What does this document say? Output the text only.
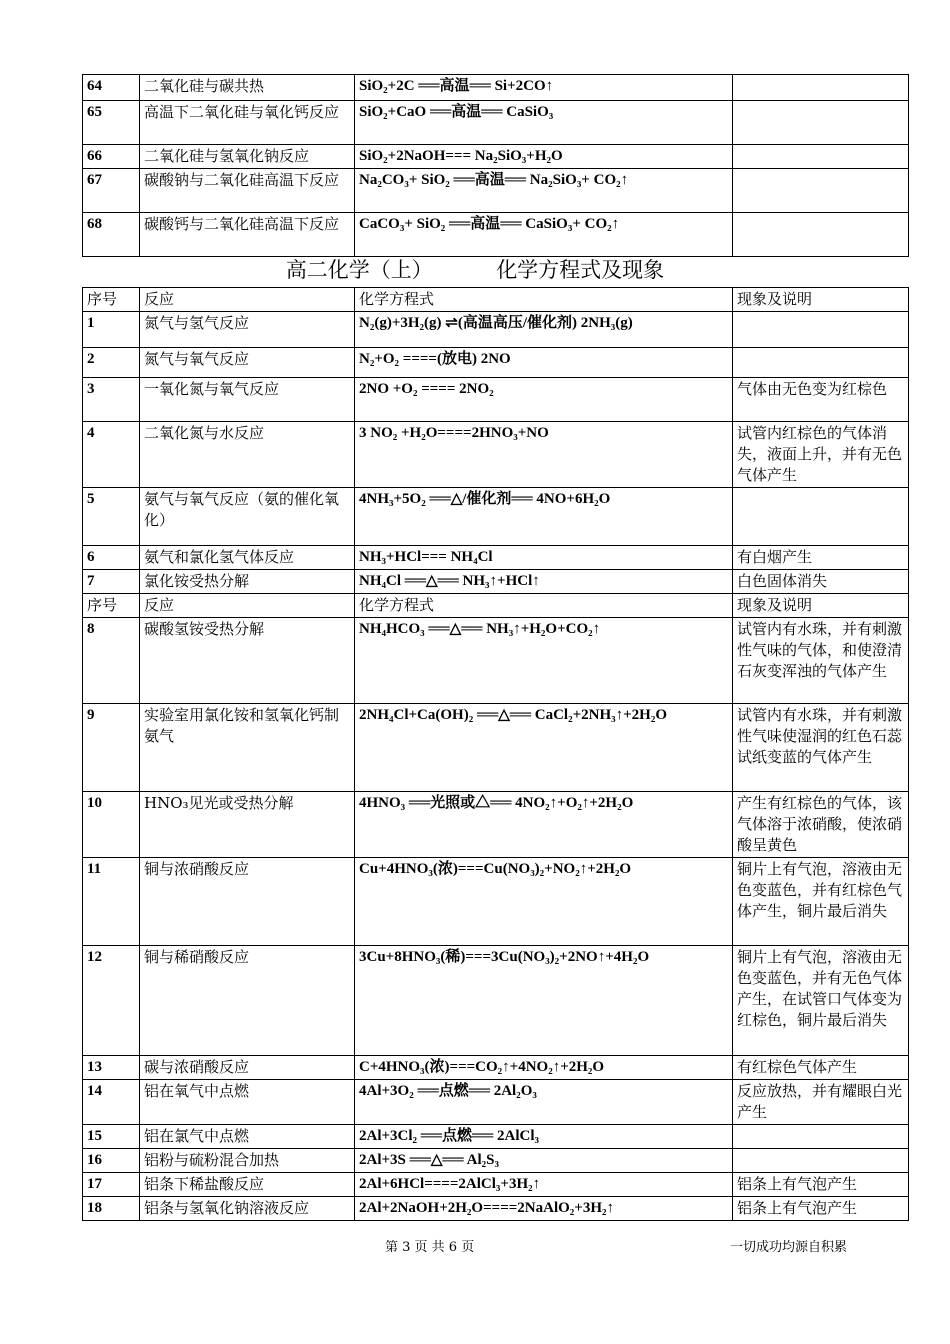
64	二氧化硅与碳共热	SiO₂+2C ══高温══ Si+2CO↑	
65	高温下二氧化硅与氧化钙反应	SiO₂+CaO ══高温══ CaSiO₃	
66	二氧化硅与氢氧化钠反应	SiO₂+2NaOH=== Na₂SiO₃+H₂O	
67	碳酸钠与二氧化硅高温下反应	Na₂CO₃+ SiO₂ ══高温══ Na₂SiO₃+ CO₂↑	
68	碳酸钙与二氧化硅高温下反应	CaCO₃+ SiO₂ ══高温══ CaSiO₃+ CO₂↑	
高二化学（上）	化学方程式及现象
序号	反应	化学方程式	现象及说明
1	氮气与氢气反应	N₂(g)+3H₂(g) ⇌(高温高压/催化剂) 2NH₃(g)	
2	氮气与氧气反应	N₂+O₂ ====(放电) 2NO	
3	一氧化氮与氧气反应	2NO +O₂ ==== 2NO₂	气体由无色变为红棕色
4	二氧化氮与水反应	3 NO₂ +H₂O====2HNO₃+NO	试管内红棕色的气体消失，液面上升，并有无色气体产生
5	氨气与氧气反应（氨的催化氧化）	4NH₃+5O₂ ══△/催化剂══ 4NO+6H₂O	
6	氨气和氯化氢气体反应	NH₃+HCl=== NH₄Cl	有白烟产生
7	氯化铵受热分解	NH₄Cl ══△══ NH₃↑+HCl↑	白色固体消失
序号	反应	化学方程式	现象及说明
8	碳酸氢铵受热分解	NH₄HCO₃ ══△══ NH₃↑+H₂O+CO₂↑	试管内有水珠，并有刺激性气味的气体，和使澄清石灰变浑浊的气体产生
9	实验室用氯化铵和氢氧化钙制氨气	2NH₄Cl+Ca(OH)₂ ══△══ CaCl₂+2NH₃↑+2H₂O	试管内有水珠，并有刺激性气味使湿润的红色石蕊试纸变蓝的气体产生
10	HNO₃见光或受热分解	4HNO₃ ══光照或△══ 4NO₂↑+O₂↑+2H₂O	产生有红棕色的气体，该气体溶于浓硝酸，使浓硝酸呈黄色
11	铜与浓硝酸反应	Cu+4HNO₃(浓)===Cu(NO₃)₂+NO₂↑+2H₂O	铜片上有气泡，溶液由无色变蓝色，并有红棕色气体产生，铜片最后消失
12	铜与稀硝酸反应	3Cu+8HNO₃(稀)===3Cu(NO₃)₂+2NO↑+4H₂O	铜片上有气泡，溶液由无色变蓝色，并有无色气体产生，在试管口气体变为红棕色，铜片最后消失
13	碳与浓硝酸反应	C+4HNO₃(浓)===CO₂↑+4NO₂↑+2H₂O	有红棕色气体产生
14	铝在氧气中点燃	4Al+3O₂ ══点燃══ 2Al₂O₃	反应放热，并有耀眼白光产生
15	铝在氯气中点燃	2Al+3Cl₂ ══点燃══ 2AlCl₃	
16	铝粉与硫粉混合加热	2Al+3S ══△══ Al₂S₃	
17	铝条下稀盐酸反应	2Al+6HCl====2AlCl₃+3H₂↑	铝条上有气泡产生
18	铝条与氢氧化钠溶液反应	2Al+2NaOH+2H₂O====2NaAlO₂+3H₂↑	铝条上有气泡产生
第 3 页 共 6 页	一切成功均源自积累
